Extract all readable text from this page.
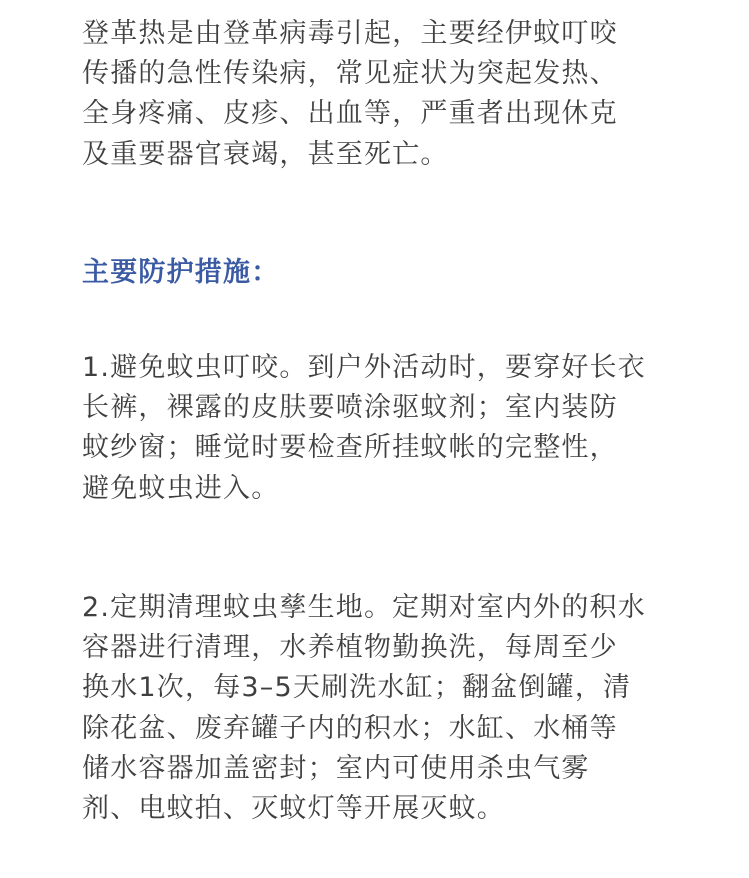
登革热是由登革病毒引起，主要经伊蚊叮咬
传播的急性传染病，常见症状为突起发热、
全身疼痛、皮疹、出血等，严重者出现休克
及重要器官衰竭，甚至死亡。
主要防护措施：
1.避免蚊虫叮咬。到户外活动时，要穿好长衣
长裤，裸露的皮肤要喷涂驱蚊剂；室内装防
蚊纱窗；睡觉时要检查所挂蚊帐的完整性，
避免蚊虫进入。
2.定期清理蚊虫孳生地。定期对室内外的积水
容器进行清理，水养植物勤换洗，每周至少
换水1次，每3–5天刷洗水缸；翻盆倒罐，清
除花盆、废弃罐子内的积水；水缸、水桶等
储水容器加盖密封；室内可使用杀虫气雾
剂、电蚊拍、灭蚊灯等开展灭蚊。
